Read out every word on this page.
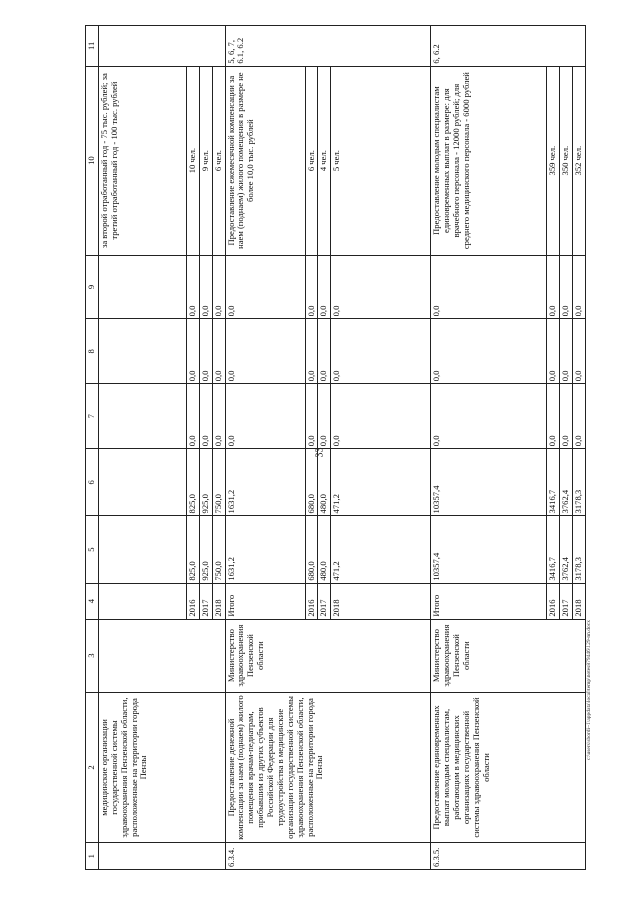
33
1	2	3	4	5	6	7	8	9	10	11
	медицинские организации государственной системы здравоохранения Пензенской области, расположенные на территории города Пензы								за второй отработанный год - 75 тыс. рублей; за третий отработанный год - 100 тыс. рублей	
			2016	825,0	825,0	0,0	0,0	0,0	10 чел.	
			2017	925,0	925,0	0,0	0,0	0,0	9 чел.	
			2018	750,0	750,0	0,0	0,0	0,0	6 чел.	
6.3.4.	Предоставление денежной компенсации за наем (поднаем) жилого помещения врачам-педиатрам, прибывшим из других субъектов Российской Федерации для трудоустройства в медицинские организации государственной системы здравоохранения Пензенской области, расположенные на территории города Пензы	Министерство здравоохранения Пензенской области	Итого	1631,2	1631,2	0,0	0,0	0,0	Предоставление ежемесячной компенсации за наем (поднаем) жилого помещения в размере не более 10,0 тыс. рублей	5, 6, 7, 6.1, 6.2
			2016	680,0	680,0	0,0	0,0	0,0	6 чел.	
			2017	480,0	480,0	0,0	0,0	0,0	4 чел.	
			2018	471,2	471,2	0,0	0,0	0,0	5 чел.	
6.3.5.	Предоставление единовременных выплат молодым специалистам, работающим в медицинских организациях государственной системы здравоохранения Пензенской области	Министерство здравоохранения Пензенской области	Итого	10357,4	10357,4	0,0	0,0	0,0	Предоставление молодым специалистам единовременных выплат в размере: для врачебного персонала - 12000 рублей; для среднего медицинского персонала - 6000 рублей	6, 6.2
			2016	3416,7	3416,7	0,0	0,0	0,0	359 чел.	
			2017	3762,4	3762,4	0,0	0,0	0,0	350 чел.	
			2018	3178,3	3178,3	0,0	0,0	0,0	352 чел.	
c:\users\sbordi~1\appdata\local\temp\notes879446\129-nn.docx
